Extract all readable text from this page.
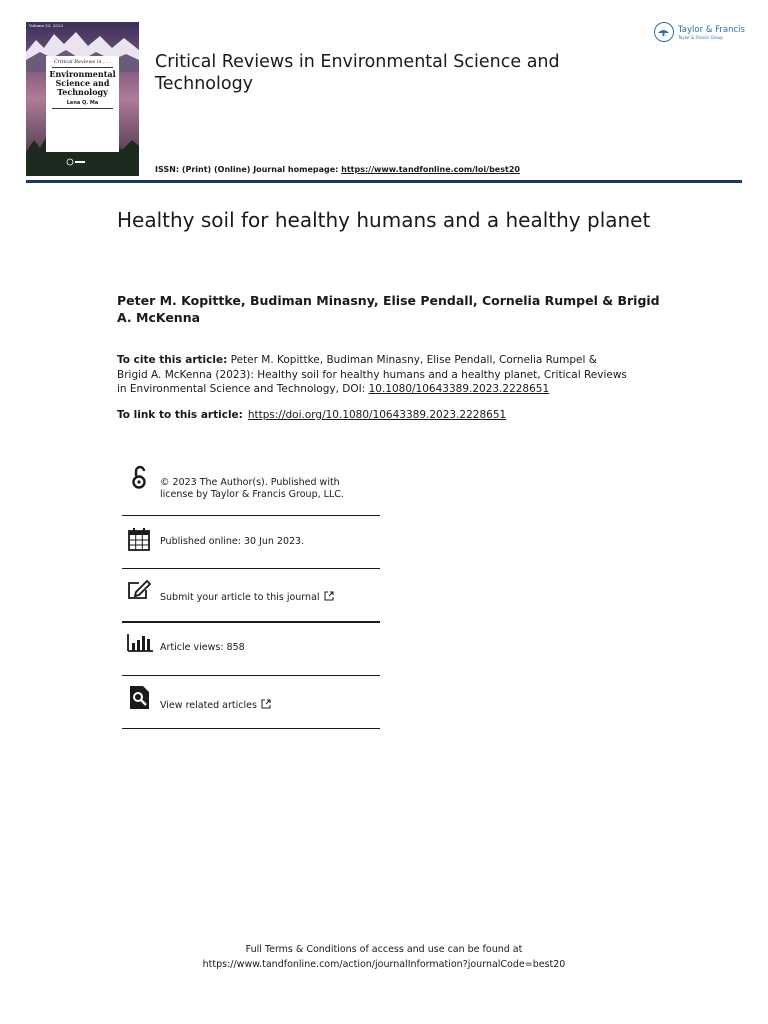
Volume 53, 2023
Critical Reviews in . . .
Environmental
Science and
Technology
Lena Q. Ma
Critical Reviews in Environmental Science and Technology
ISSN: (Print) (Online) Journal homepage: https://www.tandfonline.com/loi/best20
Taylor & Francis
Taylor & Francis Group
Healthy soil for healthy humans and a healthy planet
Peter M. Kopittke, Budiman Minasny, Elise Pendall, Cornelia Rumpel & Brigid A. McKenna
To cite this article: Peter M. Kopittke, Budiman Minasny, Elise Pendall, Cornelia Rumpel & Brigid A. McKenna (2023): Healthy soil for healthy humans and a healthy planet, Critical Reviews in Environmental Science and Technology, DOI: 10.1080/10643389.2023.2228651
To link to this article: https://doi.org/10.1080/10643389.2023.2228651
© 2023 The Author(s). Published with
license by Taylor & Francis Group, LLC.
Published online: 30 Jun 2023.
Submit your article to this journal
Article views: 858
View related articles
Full Terms & Conditions of access and use can be found at
https://www.tandfonline.com/action/journalInformation?journalCode=best20
